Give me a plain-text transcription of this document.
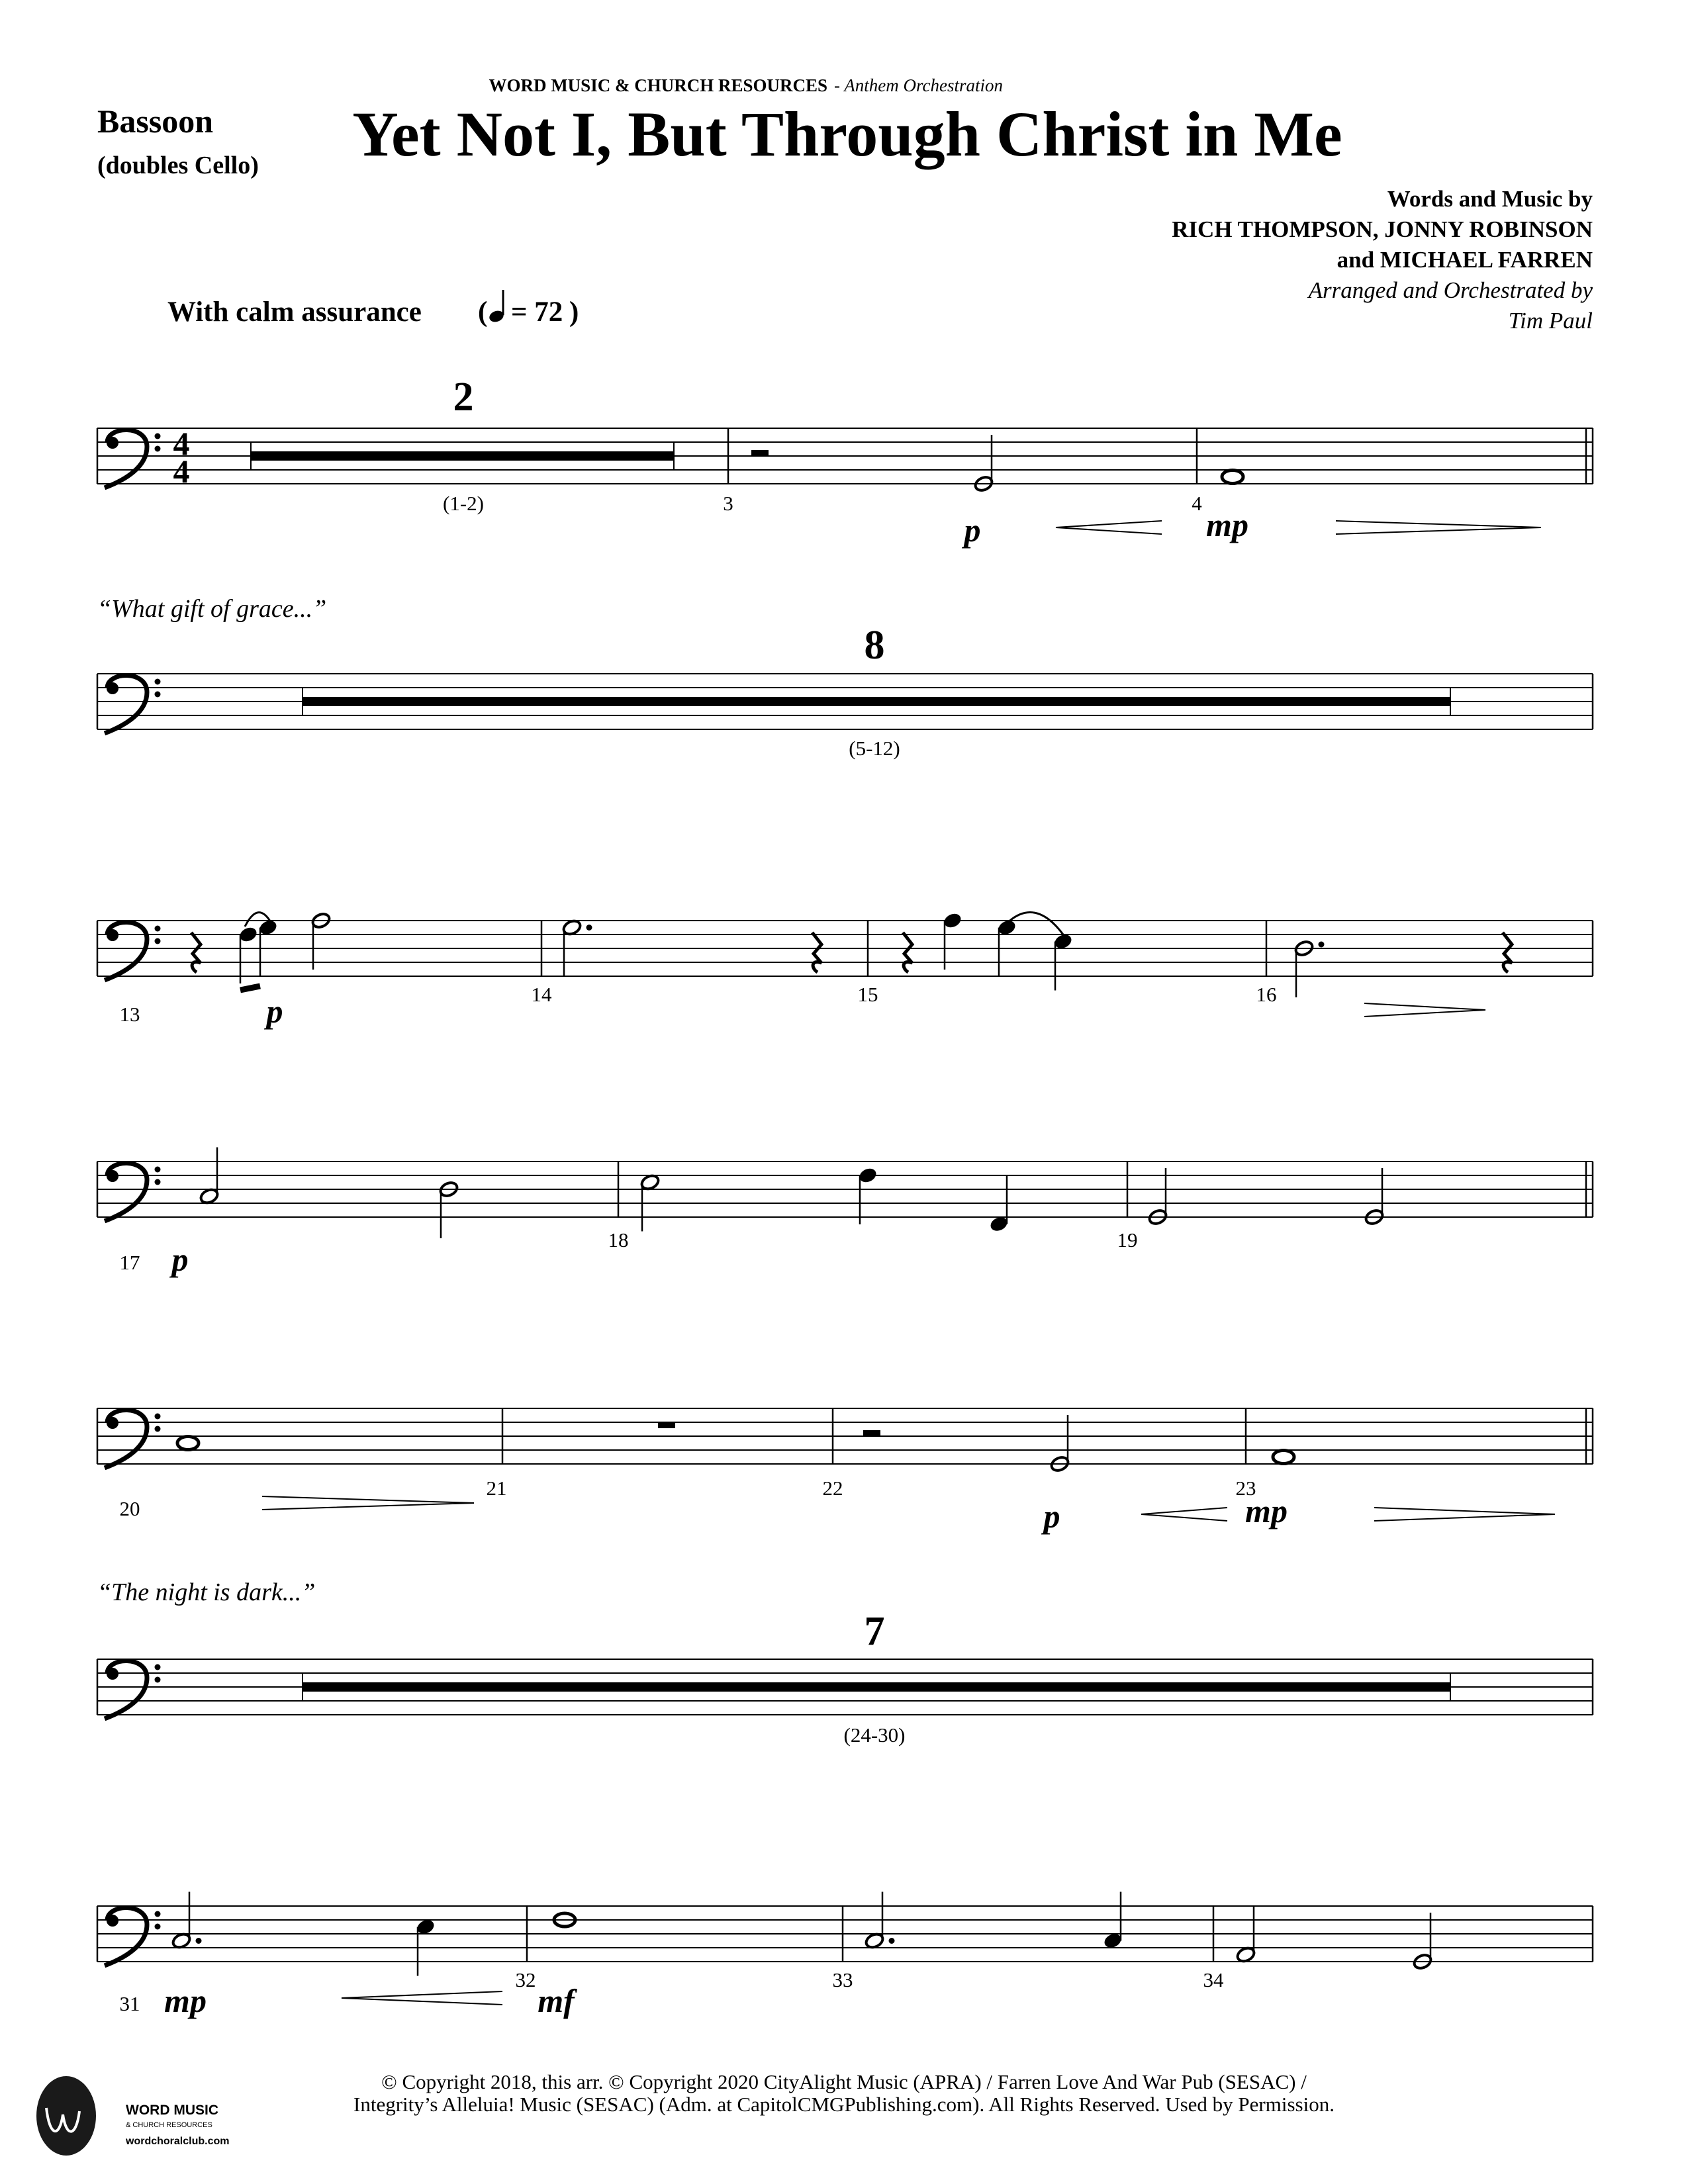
WORD MUSIC & CHURCH RESOURCES - Anthem Orchestration
Bassoon
(doubles Cello) Yet Not I, But Through Christ in Me
Words and Music by
RICH THOMPSON, JONNY ROBINSON
and MICHAEL FARREN
Arranged and Orchestrated by
Tim Paul
With calm assurance ( = 72 )
4
4
2
(1-2)	3	4
p	mp
“What gift of grace...”
8
(5-12)
13
14	15	16
p
17
18	19
p
20
21	22	23
p	mp
“The night is dark...”
7
(24-30)
31
32	33	34
mp	mf
WORD MUSIC
& CHURCH RESOURCES
wordchoralclub.com
© Copyright 2018, this arr. © Copyright 2020 CityAlight Music (APRA) / Farren Love And War Pub (SESAC) /
Integrity’s Alleluia! Music (SESAC) (Adm. at CapitolCMGPublishing.com). All Rights Reserved. Used by Permission.
